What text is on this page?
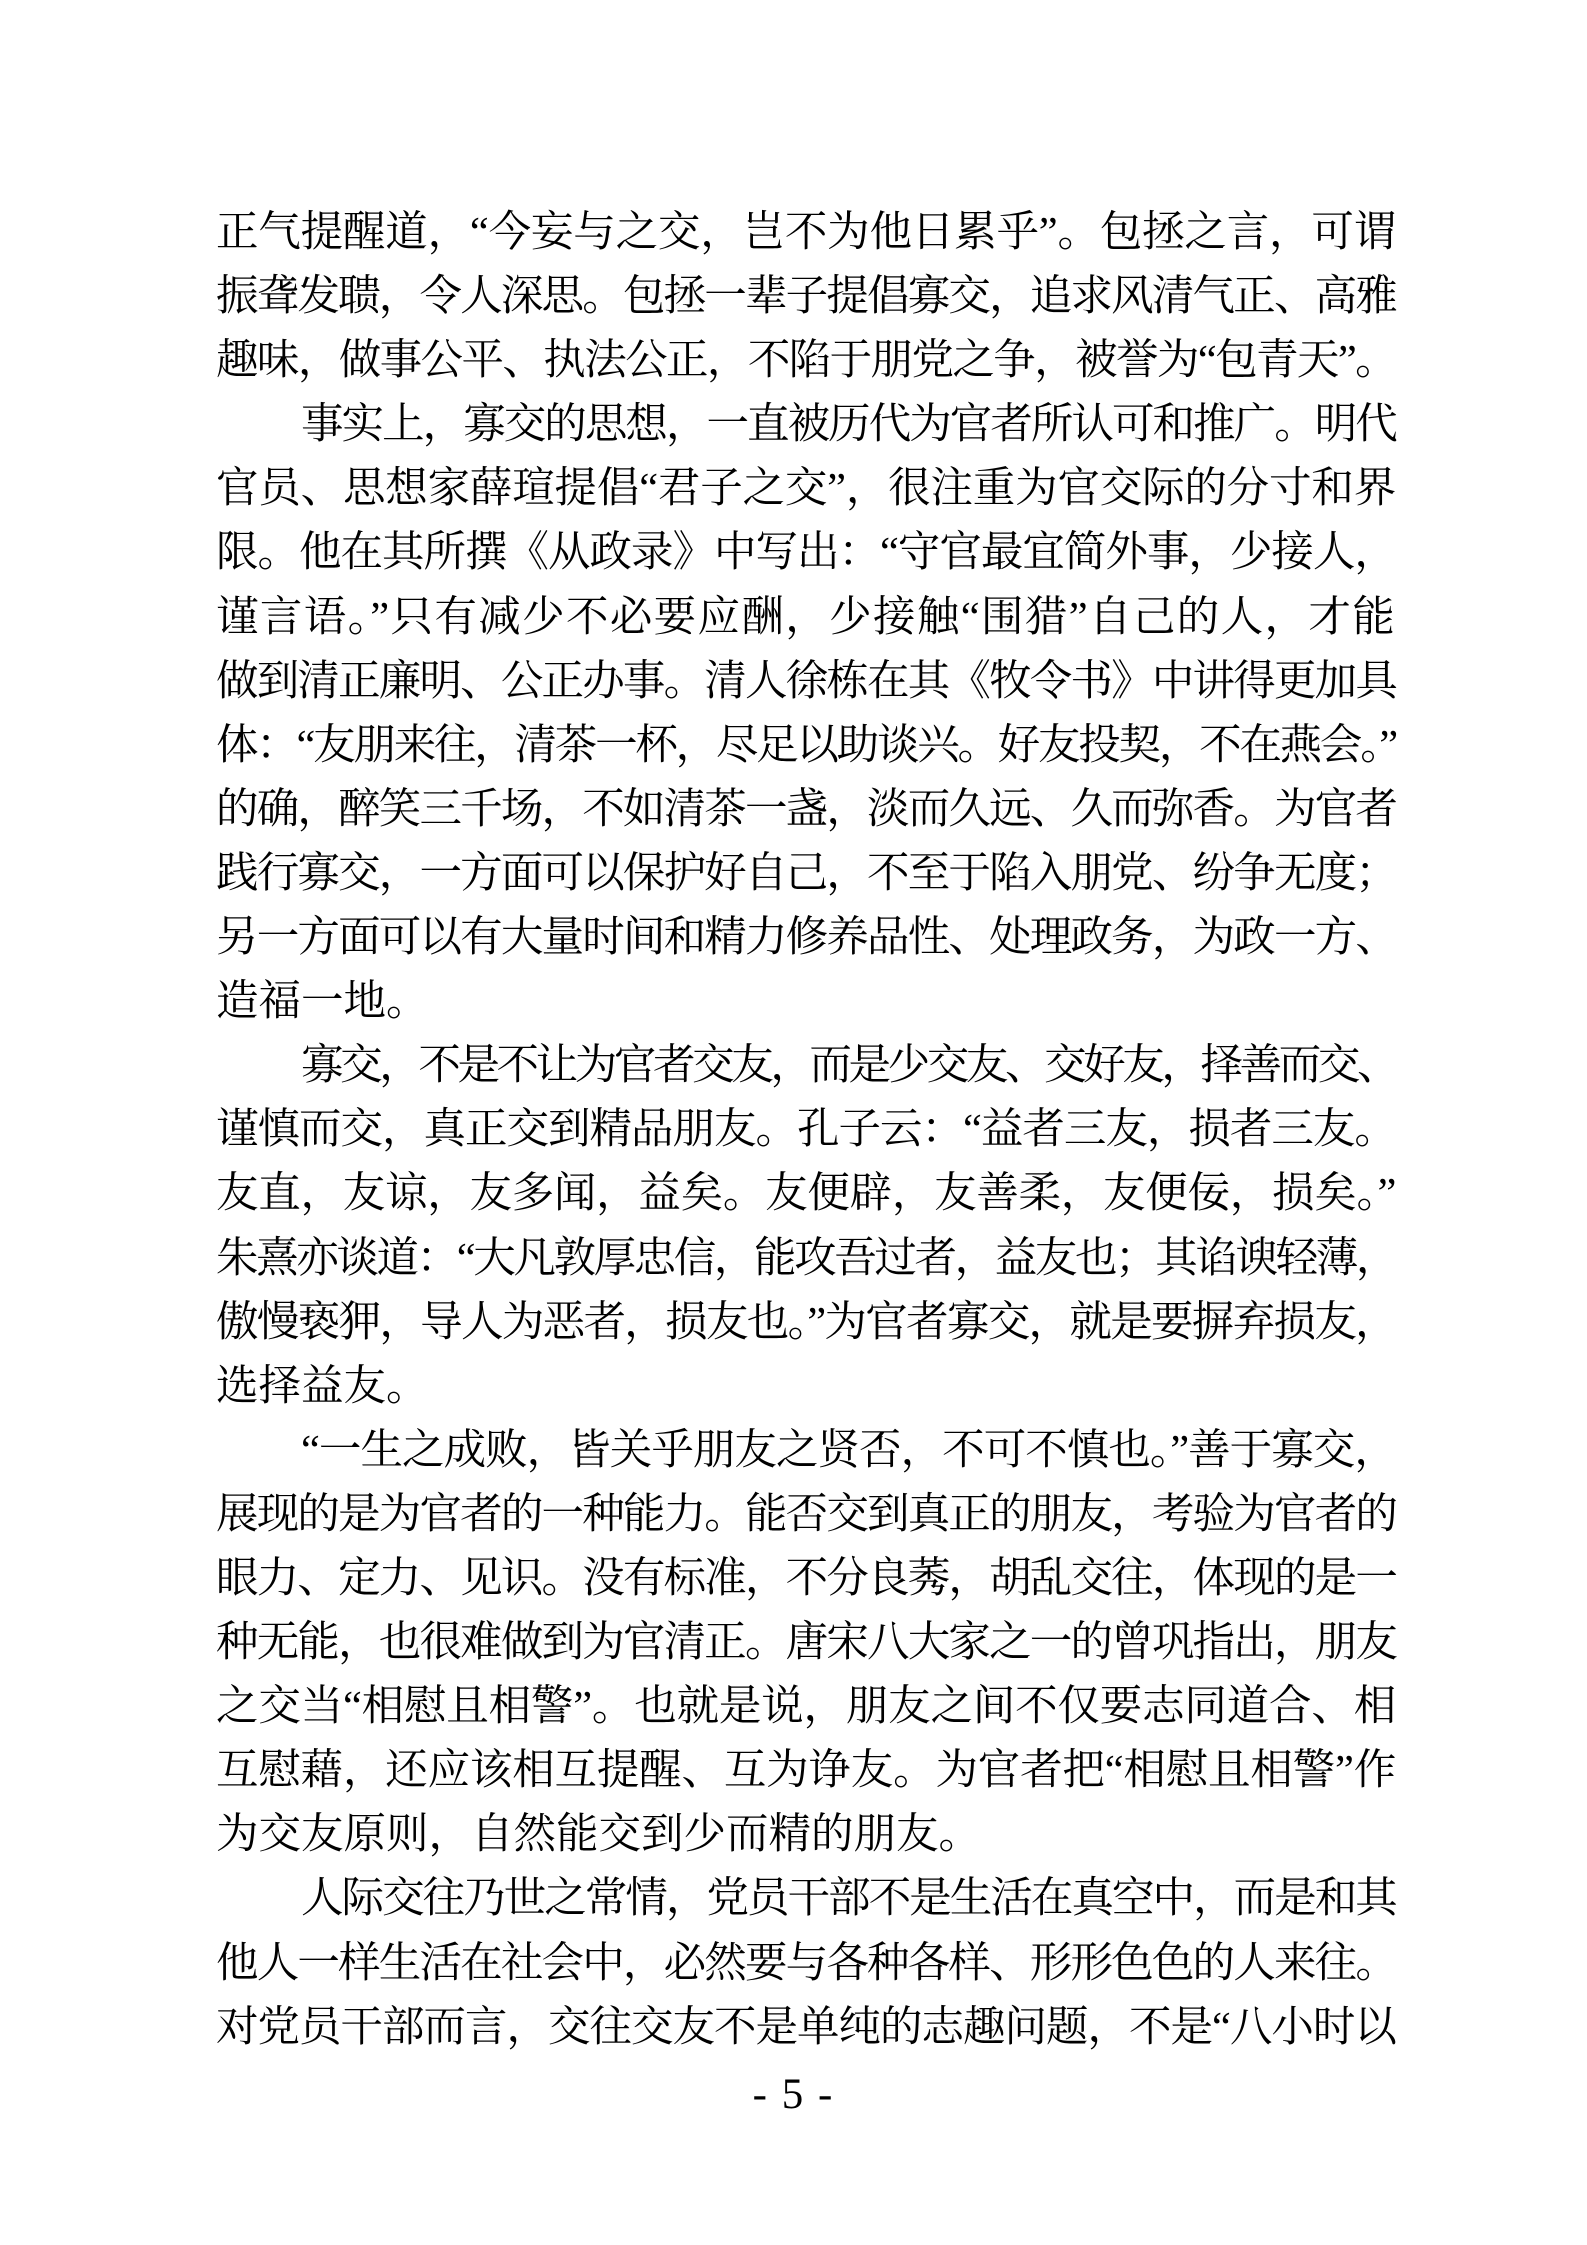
正气提醒道，“今妄与之交，岂不为他日累乎”。包拯之言，可谓
振聋发聩，令人深思。包拯一辈子提倡寡交，追求风清气正、高雅
趣味，做事公平、执法公正，不陷于朋党之争，被誉为“包青天”。
事实上，寡交的思想，一直被历代为官者所认可和推广。明代
官员、思想家薛瑄提倡“君子之交”，很注重为官交际的分寸和界
限。他在其所撰《从政录》中写出：“守官最宜简外事，少接人，
谨言语。”只有减少不必要应酬，少接触“围猎”自己的人，才能
做到清正廉明、公正办事。清人徐栋在其《牧令书》中讲得更加具
体：“友朋来往，清茶一杯，尽足以助谈兴。好友投契，不在燕会。”
的确，醉笑三千场，不如清茶一盏，淡而久远、久而弥香。为官者
践行寡交，一方面可以保护好自己，不至于陷入朋党、纷争无度；
另一方面可以有大量时间和精力修养品性、处理政务，为政一方、
造福一地。
寡交，不是不让为官者交友，而是少交友、交好友，择善而交、
谨慎而交，真正交到精品朋友。孔子云：“益者三友，损者三友。
友直，友谅，友多闻，益矣。友便辟，友善柔，友便佞，损矣。”
朱熹亦谈道：“大凡敦厚忠信，能攻吾过者，益友也；其谄谀轻薄，
傲慢亵狎，导人为恶者，损友也。”为官者寡交，就是要摒弃损友，
选择益友。
“一生之成败，皆关乎朋友之贤否，不可不慎也。”善于寡交，
展现的是为官者的一种能力。能否交到真正的朋友，考验为官者的
眼力、定力、见识。没有标准，不分良莠，胡乱交往，体现的是一
种无能，也很难做到为官清正。唐宋八大家之一的曾巩指出，朋友
之交当“相慰且相警”。也就是说，朋友之间不仅要志同道合、相
互慰藉，还应该相互提醒、互为诤友。为官者把“相慰且相警”作
为交友原则，自然能交到少而精的朋友。
人际交往乃世之常情，党员干部不是生活在真空中，而是和其
他人一样生活在社会中，必然要与各种各样、形形色色的人来往。
对党员干部而言，交往交友不是单纯的志趣问题，不是“八小时以
- 5 -
